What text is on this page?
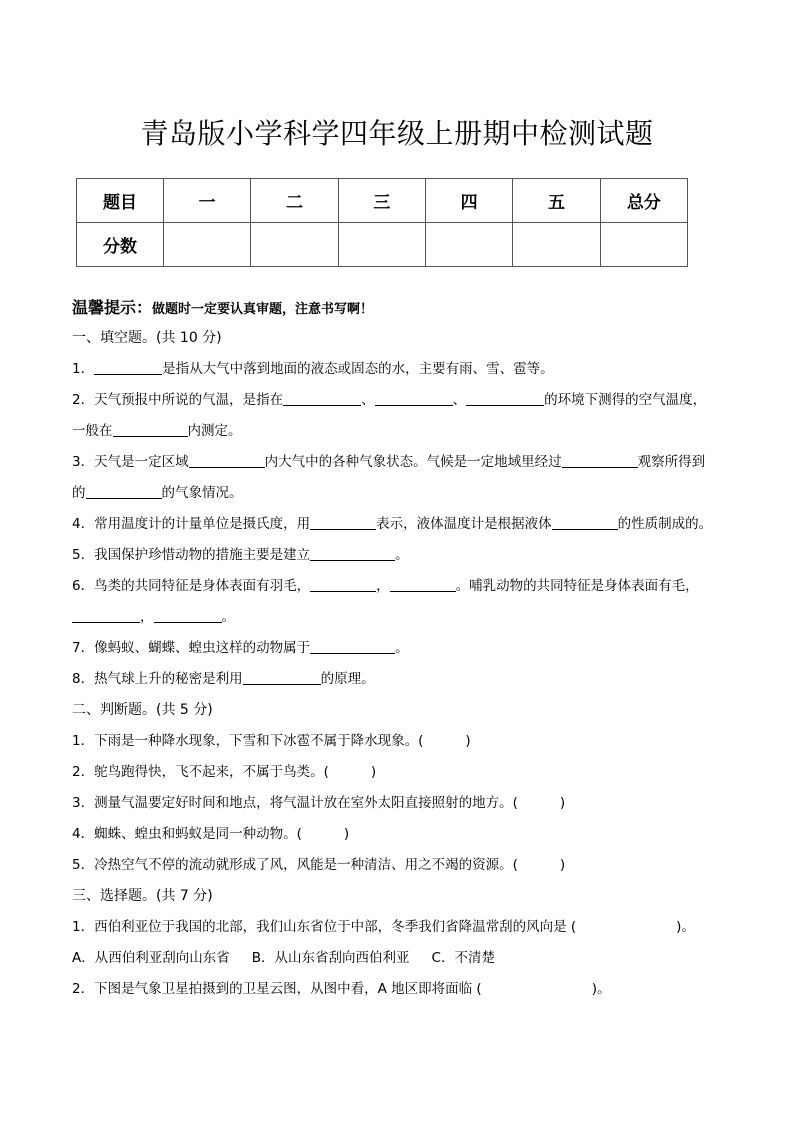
青岛版小学科学四年级上册期中检测试题
题目	一	二	三	四	五	总分
分数						
温馨提示：做题时一定要认真审题，注意书写啊！
一、填空题。(共 10 分)
1．	是指从大气中落到地面的液态或固态的水，主要有雨、雪、雹等。
2．天气预报中所说的气温，是指在	、	、	的环境下测得的空气温度，
一般在	内测定。
3．天气是一定区域	内大气中的各种气象状态。气候是一定地域里经过	观察所得到
的	的气象情况。
4．常用温度计的计量单位是摄氏度，用	表示，液体温度计是根据液体	的性质制成的。
5．我国保护珍惜动物的措施主要是建立	。
6．鸟类的共同特征是身体表面有羽毛，	，	。哺乳动物的共同特征是身体表面有毛，
，	。
7．像蚂蚁、蝴蝶、蝗虫这样的动物属于	。
8．热气球上升的秘密是利用	的原理。
二、判断题。(共 5 分)
1．下雨是一种降水现象，下雪和下冰雹不属于降水现象。(	)
2．鸵鸟跑得快，飞不起来，不属于鸟类。(	)
3．测量气温要定好时间和地点，将气温计放在室外太阳直接照射的地方。(	)
4．蜘蛛、蝗虫和蚂蚁是同一种动物。(	)
5．冷热空气不停的流动就形成了风，风能是一种清洁、用之不竭的资源。(	)
三、选择题。(共 7 分)
1．西伯利亚位于我国的北部，我们山东省位于中部，冬季我们省降温常刮的风向是 (	)。
A．从西伯利亚刮向山东省 B．从山东省刮向西伯利亚 C．不清楚
2．下图是气象卫星拍摄到的卫星云图，从图中看，A 地区即将面临 (	)。
